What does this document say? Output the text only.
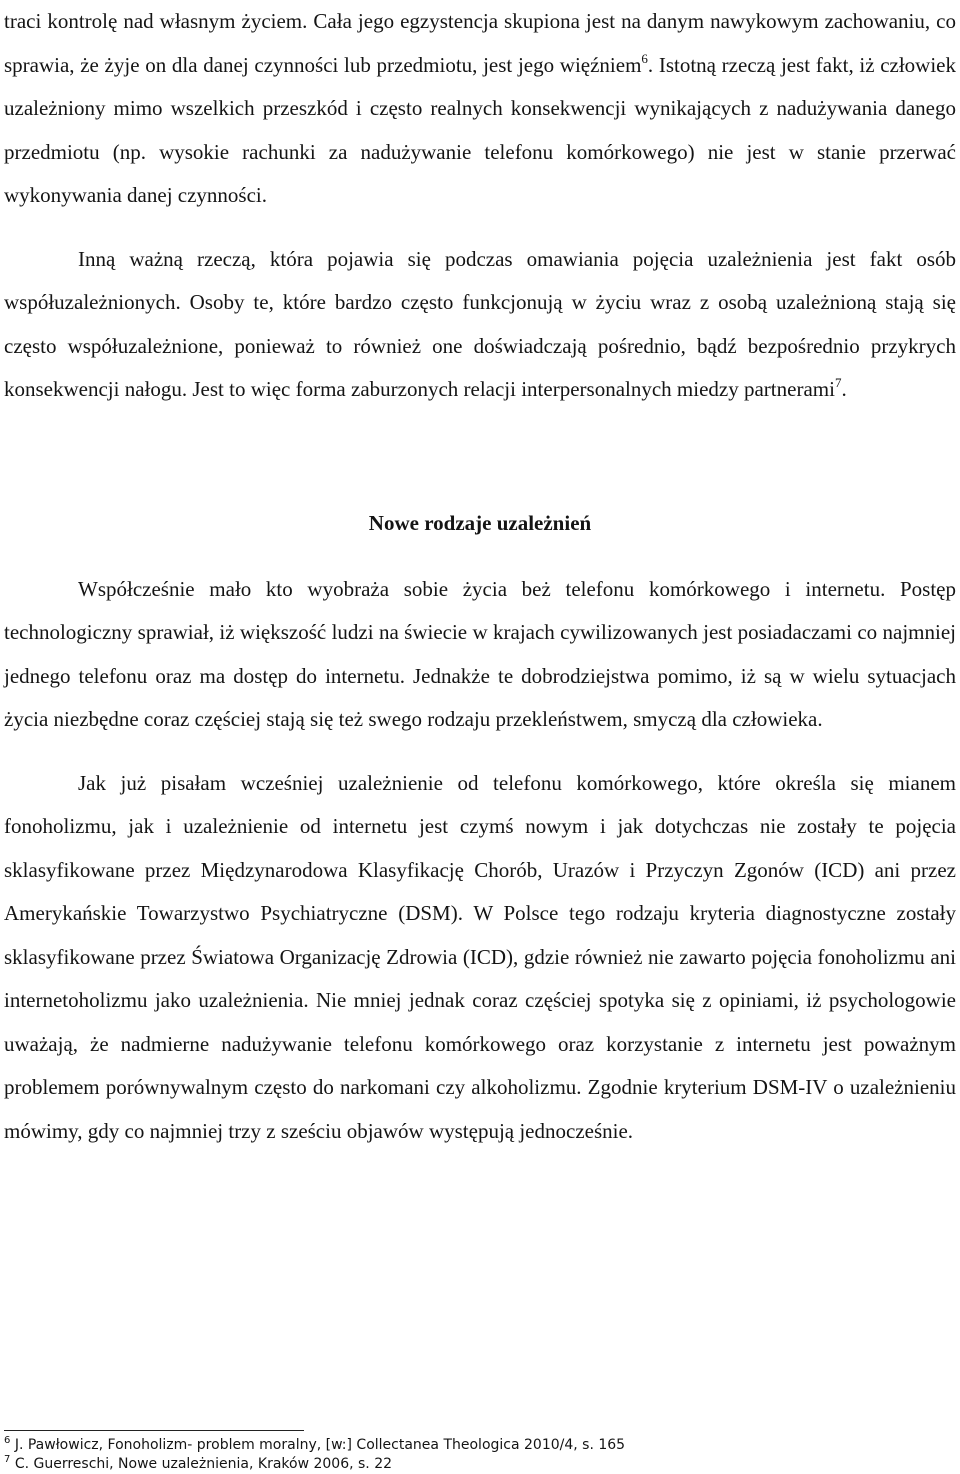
traci kontrolę nad własnym życiem. Cała jego egzystencja skupiona jest na danym nawykowym zachowaniu, co sprawia, że żyje on dla danej czynności lub przedmiotu, jest jego więźniem$^6$. Istotną rzeczą jest fakt, iż człowiek uzależniony mimo wszelkich przeszkód i często realnych konsekwencji wynikających z nadużywania danego przedmiotu (np. wysokie rachunki za nadużywanie telefonu komórkowego) nie jest w stanie przerwać wykonywania danej czynności.

Inną ważną rzeczą, która pojawia się podczas omawiania pojęcia uzależnienia jest fakt osób współuzależnionych. Osoby te, które bardzo często funkcjonują w życiu wraz z osobą uzależnioną stają się często współuzależnione, ponieważ to również one doświadczają pośrednio, bądź bezpośrednio przykrych konsekwencji nałogu. Jest to więc forma zaburzonych relacji interpersonalnych miedzy partnerami$^7$.

Nowe rodzaje uzależnień

Współcześnie mało kto wyobraża sobie życia beż telefonu komórkowego i internetu. Postęp technologiczny sprawiał, iż większość ludzi na świecie w krajach cywilizowanych jest posiadaczami co najmniej jednego telefonu oraz ma dostęp do internetu. Jednakże te dobrodziejstwa pomimo, iż są w wielu sytuacjach życia niezbędne coraz częściej stają się też swego rodzaju przekleństwem, smyczą dla człowieka.

Jak już pisałam wcześniej uzależnienie od telefonu komórkowego, które określa się mianem fonoholizmu, jak i uzależnienie od internetu jest czymś nowym i jak dotychczas nie zostały te pojęcia sklasyfikowane przez Międzynarodowa Klasyfikację Chorób, Urazów i Przyczyn Zgonów (ICD) ani przez Amerykańskie Towarzystwo Psychiatryczne (DSM). W Polsce tego rodzaju kryteria diagnostyczne zostały sklasyfikowane przez Światowa Organizację Zdrowia (ICD), gdzie również nie zawarto pojęcia fonoholizmu ani internetoholizmu jako uzależnienia. Nie mniej jednak coraz częściej spotyka się z opiniami, iż psychologowie uważają, że nadmierne nadużywanie telefonu komórkowego oraz korzystanie z internetu jest poważnym problemem porównywalnym często do narkomani czy alkoholizmu. Zgodnie kryterium DSM-IV o uzależnieniu mówimy, gdy co najmniej trzy z sześciu objawów występują jednocześnie.

$^6$ J. Pawłowicz, Fonoholizm- problem moralny, [w:] Collectanea Theologica 2010/4, s. 165
$^7$ C. Guerreschi, Nowe uzależnienia, Kraków 2006, s. 22
